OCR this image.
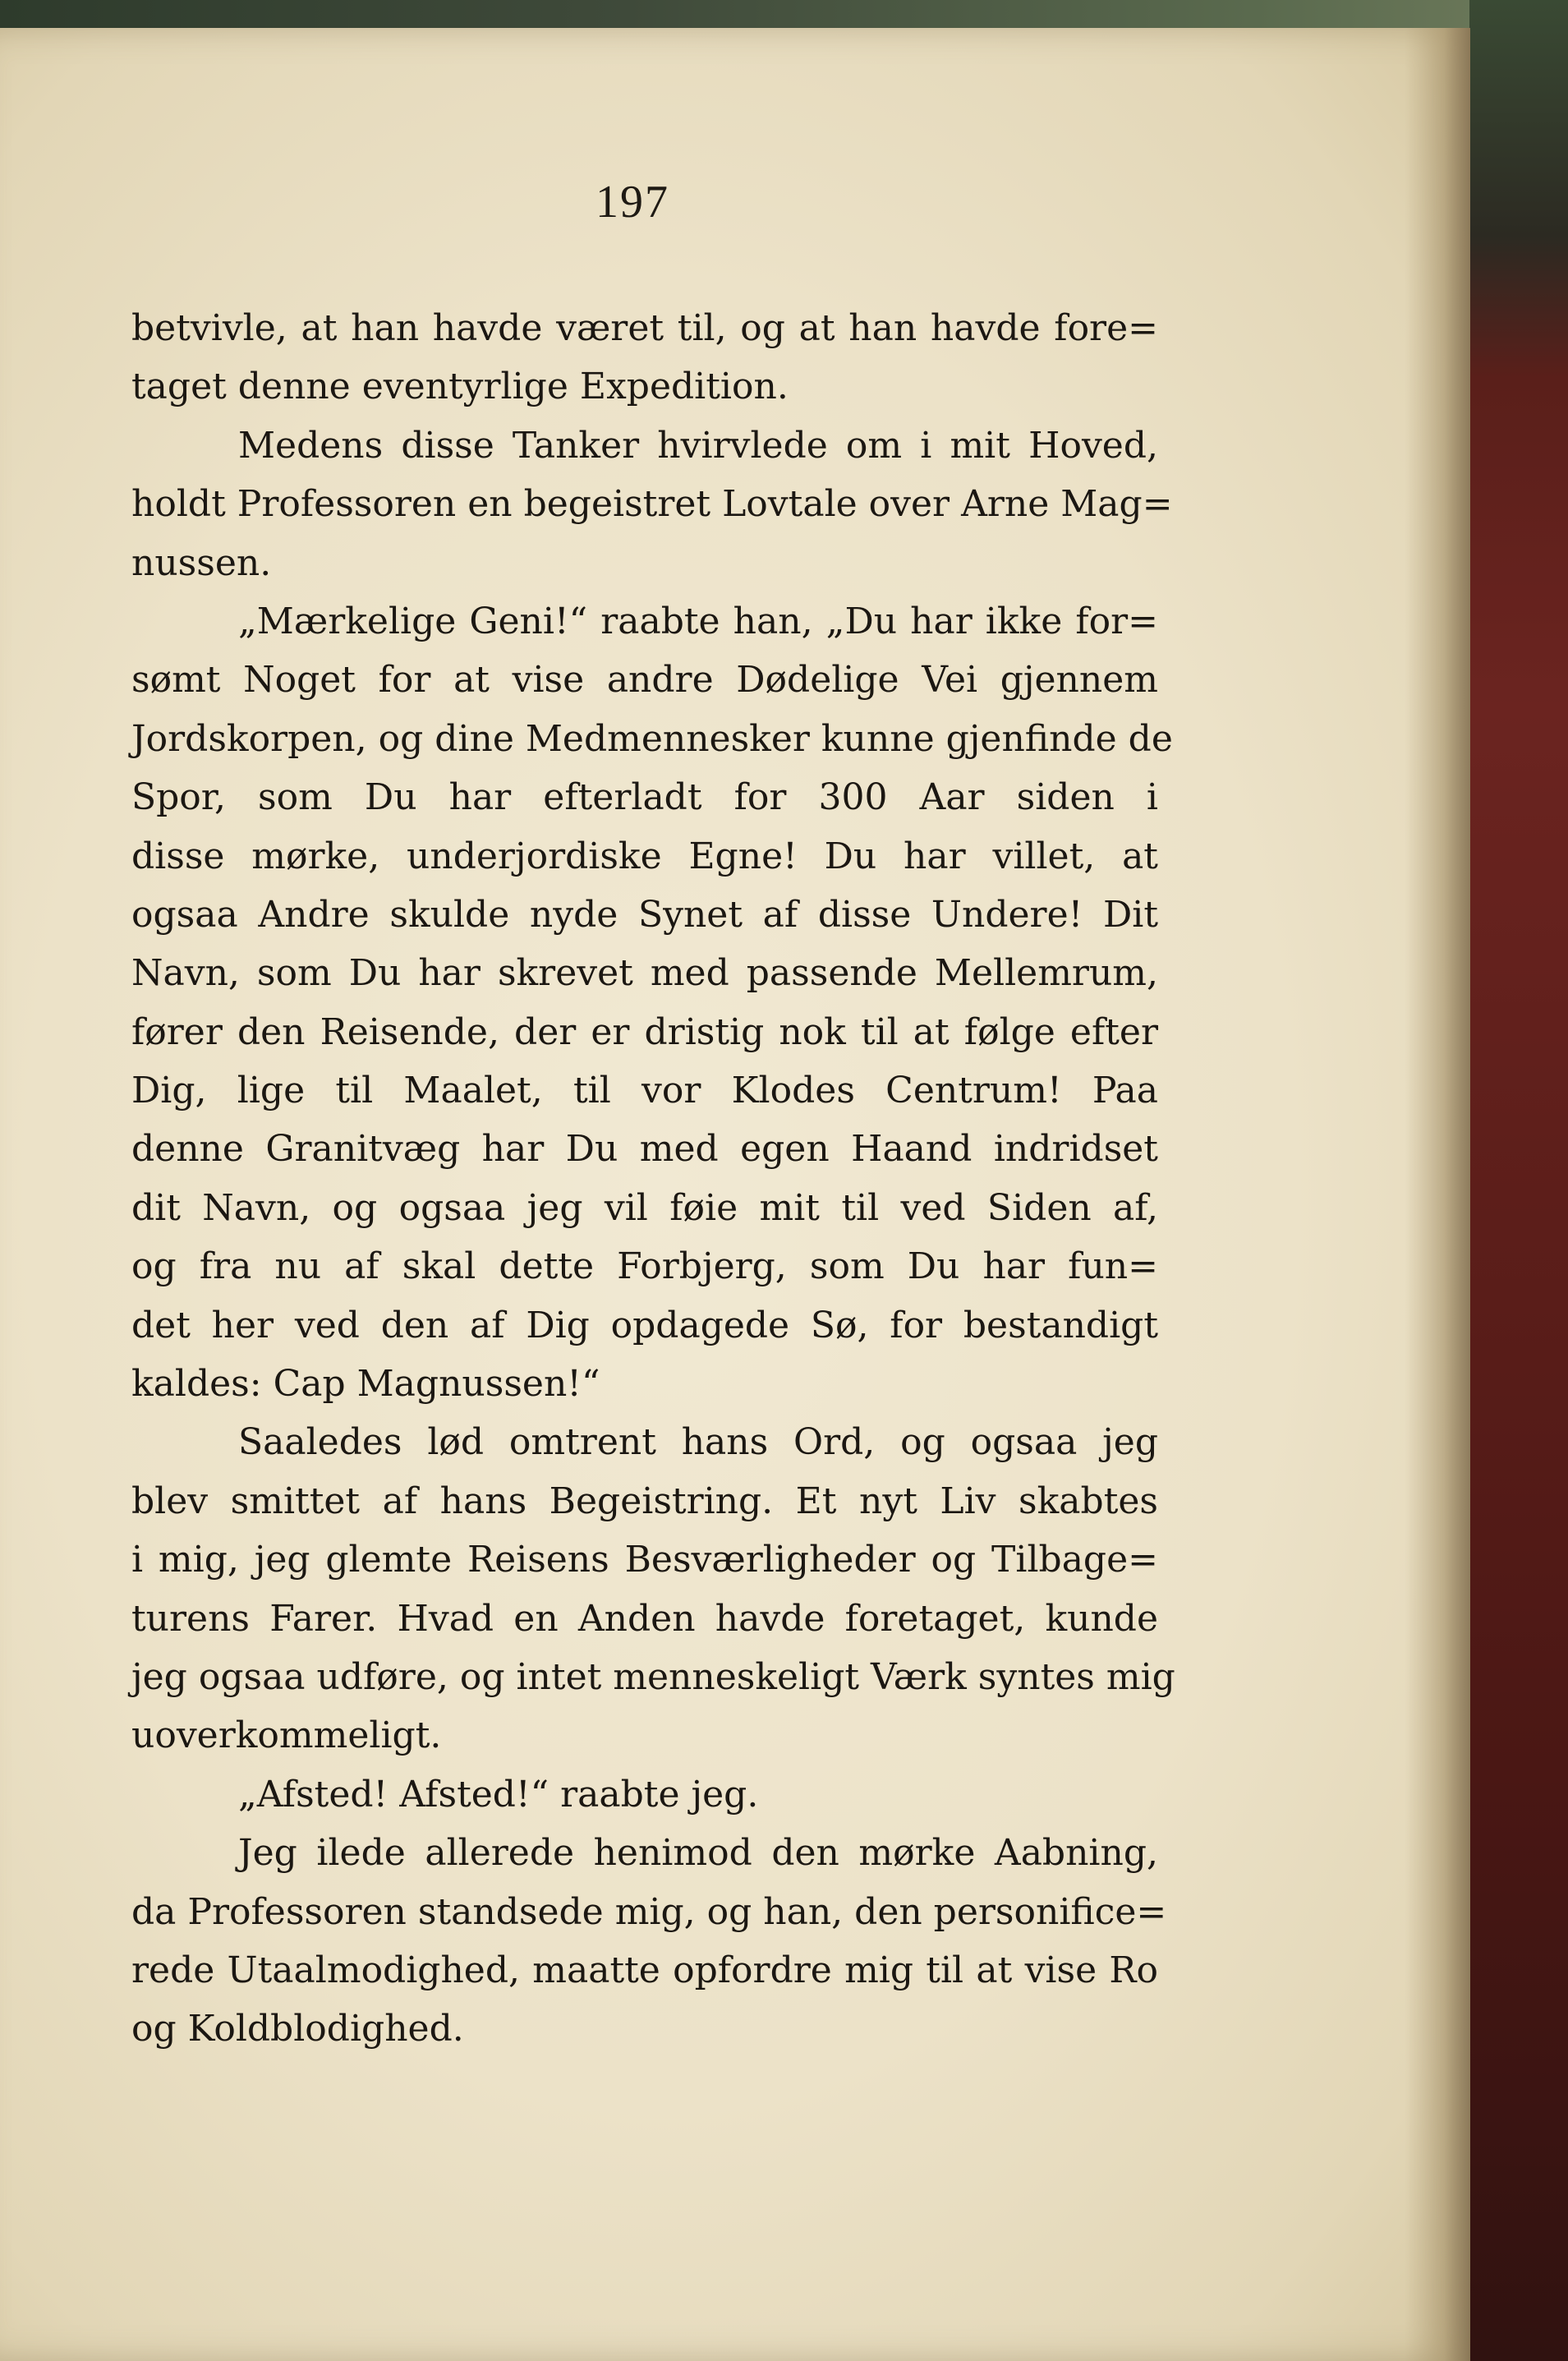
197
betvivle, at han havde været til, og at han havde fore=
taget denne eventyrlige Expedition.
Medens disse Tanker hvirvlede om i mit Hoved,
holdt Professoren en begeistret Lovtale over Arne Mag=
nussen.
„Mærkelige Geni!“ raabte han, „Du har ikke for=
sømt Noget for at vise andre Dødelige Vei gjennem
Jordskorpen, og dine Medmennesker kunne gjenfinde de
Spor, som Du har efterladt for 300 Aar siden i
disse mørke, underjordiske Egne! Du har villet, at
ogsaa Andre skulde nyde Synet af disse Undere! Dit
Navn, som Du har skrevet med passende Mellemrum,
fører den Reisende, der er dristig nok til at følge efter
Dig, lige til Maalet, til vor Klodes Centrum! Paa
denne Granitvæg har Du med egen Haand indridset
dit Navn, og ogsaa jeg vil føie mit til ved Siden af,
og fra nu af skal dette Forbjerg, som Du har fun=
det her ved den af Dig opdagede Sø, for bestandigt
kaldes: Cap Magnussen!“
Saaledes lød omtrent hans Ord, og ogsaa jeg
blev smittet af hans Begeistring. Et nyt Liv skabtes
i mig, jeg glemte Reisens Besværligheder og Tilbage=
turens Farer. Hvad en Anden havde foretaget, kunde
jeg ogsaa udføre, og intet menneskeligt Værk syntes mig
uoverkommeligt.
„Afsted! Afsted!“ raabte jeg.
Jeg ilede allerede henimod den mørke Aabning,
da Professoren standsede mig, og han, den personifice=
rede Utaalmodighed, maatte opfordre mig til at vise Ro
og Koldblodighed.
